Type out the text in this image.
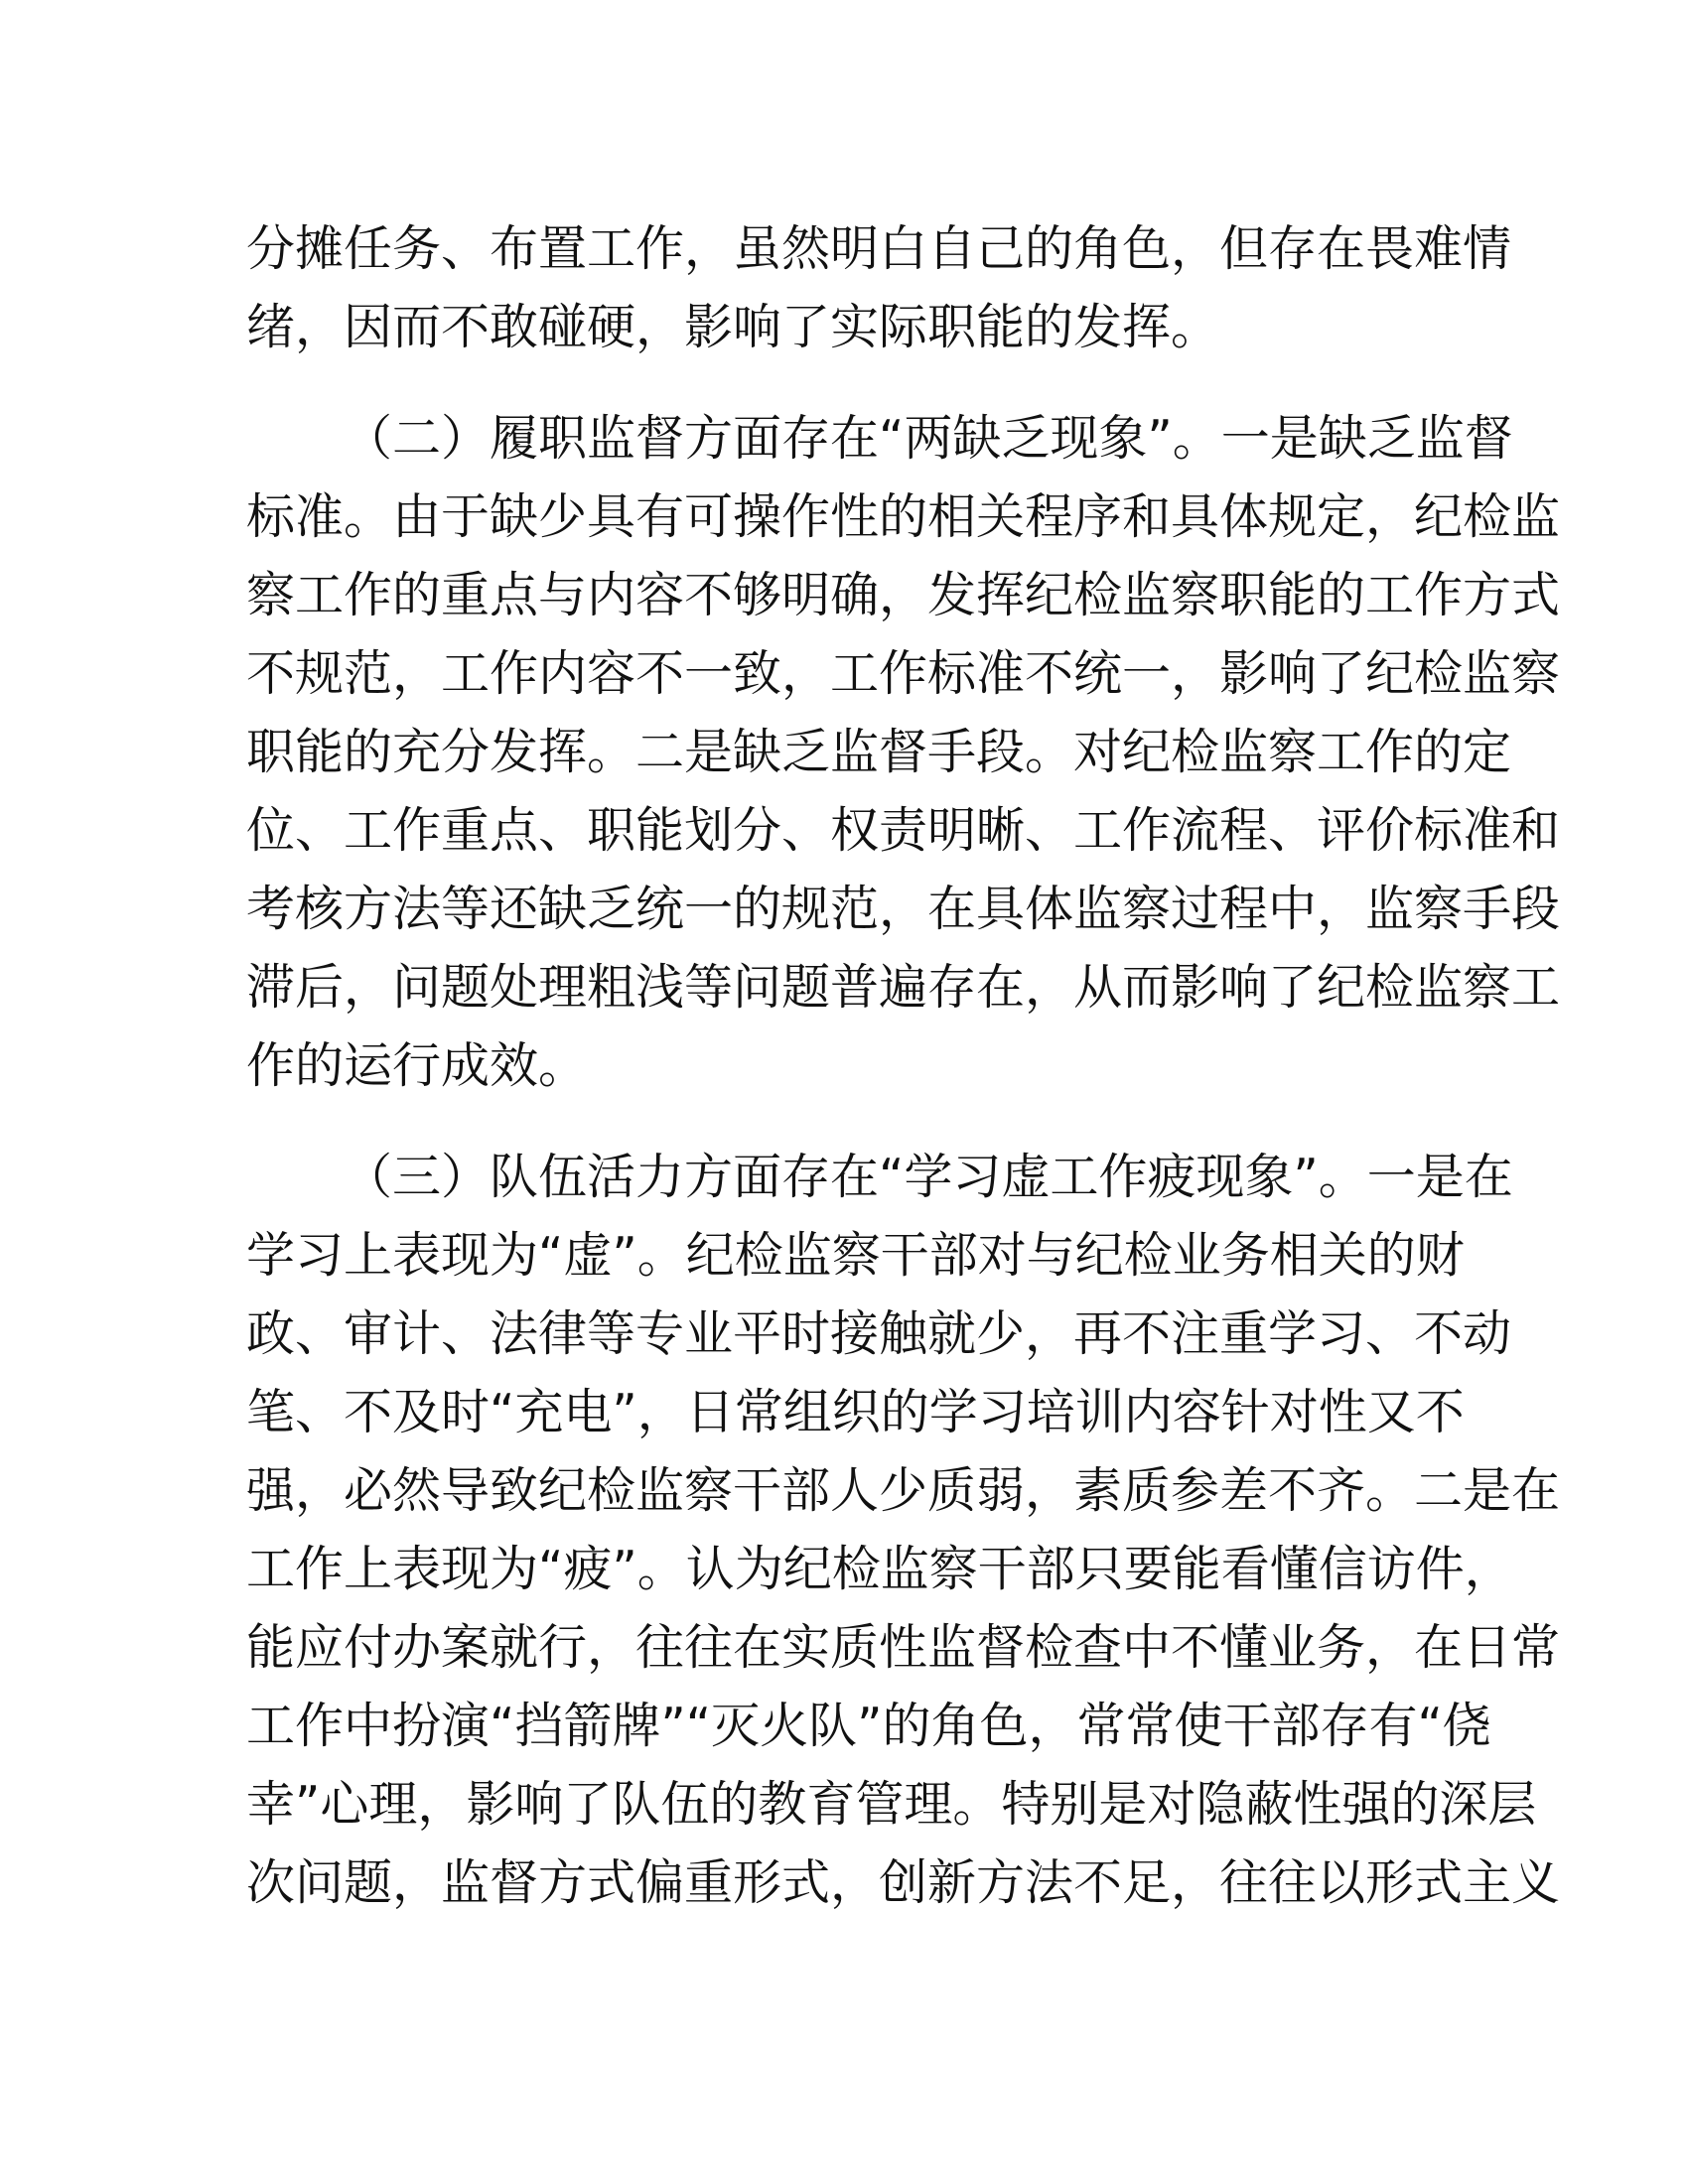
分摊任务、布置工作，虽然明白自己的角色，但存在畏难情
绪，因而不敢碰硬，影响了实际职能的发挥。
（二）履职监督方面存在“两缺乏现象”。一是缺乏监督
标准。由于缺少具有可操作性的相关程序和具体规定，纪检监
察工作的重点与内容不够明确，发挥纪检监察职能的工作方式
不规范，工作内容不一致，工作标准不统一，影响了纪检监察
职能的充分发挥。二是缺乏监督手段。对纪检监察工作的定
位、工作重点、职能划分、权责明晰、工作流程、评价标准和
考核方法等还缺乏统一的规范，在具体监察过程中，监察手段
滞后，问题处理粗浅等问题普遍存在，从而影响了纪检监察工
作的运行成效。
（三）队伍活力方面存在“学习虚工作疲现象”。一是在
学习上表现为“虚”。纪检监察干部对与纪检业务相关的财
政、审计、法律等专业平时接触就少，再不注重学习、不动
笔、不及时“充电”，日常组织的学习培训内容针对性又不
强，必然导致纪检监察干部人少质弱，素质参差不齐。二是在
工作上表现为“疲”。认为纪检监察干部只要能看懂信访件，
能应付办案就行，往往在实质性监督检查中不懂业务，在日常
工作中扮演“挡箭牌”“灭火队”的角色，常常使干部存有“侥
幸”心理，影响了队伍的教育管理。特别是对隐蔽性强的深层
次问题，监督方式偏重形式，创新方法不足，往往以形式主义
